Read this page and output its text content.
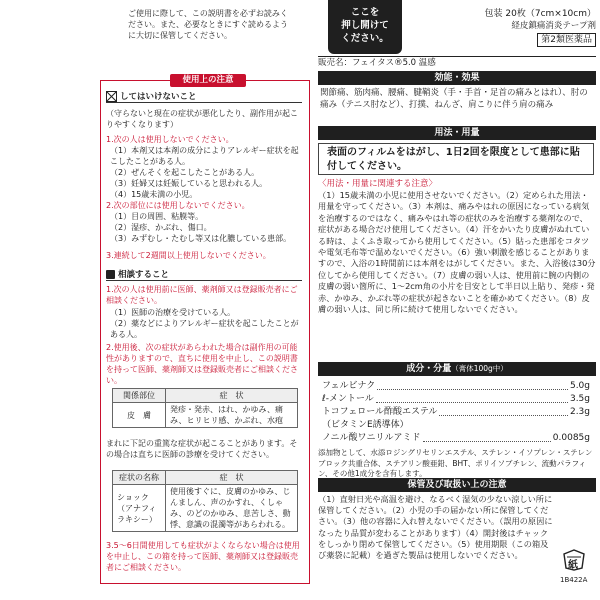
ご使用に際して、この説明書を必ずお読みください。また、必要なときにすぐ読めるように大切に保管してください。
ここを
押し開けて
ください。
包装 20枚（7cm×10cm）
経皮鎮痛消炎テープ剤
第2類医薬品
販売名：フェイタス®5.0 温感
使用上の注意
してはいけないこと
（守らないと現在の症状が悪化したり、副作用が起こりやすくなります）
1.次の人は使用しないでください。
（1）本剤又は本剤の成分によりアレルギー症状を起こしたことがある人。
（2）ぜんそくを起こしたことがある人。
（3）妊婦又は妊娠していると思われる人。
（4）15歳未満の小児。
2.次の部位には使用しないでください。
（1）目の周囲、粘膜等。
（2）湿疹、かぶれ、傷口。
（3）みずむし・たむし等又は化膿している患部。
3.連続して2週間以上使用しないでください。
相談すること
1.次の人は使用前に医師、薬剤師又は登録販売者にご相談ください。
（1）医師の治療を受けている人。
（2）薬などによりアレルギー症状を起こしたことがある人。
2.使用後、次の症状があらわれた場合は副作用の可能性がありますので、直ちに使用を中止し、この説明書を持って医師、薬剤師又は登録販売者にご相談ください。
関係部位	症　状
皮　膚	発疹・発赤、はれ、かゆみ、痛み、ヒリヒリ感、かぶれ、水疱
まれに下記の重篤な症状が起こることがあります。その場合は直ちに医師の診療を受けてください。
症状の名称	症　状
ショック（アナフィラキシー）	使用後すぐに、皮膚のかゆみ、じんましん、声のかすれ、くしゃみ、のどのかゆみ、息苦しさ、動悸、意識の混濁等があらわれる。
3.5〜6日間使用しても症状がよくならない場合は使用を中止し、この箱を持って医師、薬剤師又は登録販売者にご相談ください。
効能・効果
関節痛、筋肉痛、腰痛、腱鞘炎（手・手首・足首の痛みとはれ）、肘の痛み（テニス肘など）、打撲、ねんざ、肩こりに伴う肩の痛み
用法・用量
表面のフィルムをはがし、1日2回を限度として患部に貼付してください。
〈用法・用量に関連する注意〉
（1）15歳未満の小児に使用させないでください。（2）定められた用法・用量を守ってください。（3）本剤は、痛みやはれの原因になっている病気を治療するのではなく、痛みやはれ等の症状のみを治療する薬剤なので、症状がある場合だけ使用してください。（4）汗をかいたり皮膚がぬれている時は、よくふき取ってから使用してください。（5）貼った患部をコタツや電気毛布等で温めないでください。（6）強い刺激を感じることがありますので、入浴の1時間前には本剤をはがしてください。また、入浴後は30分位してから使用してください。（7）皮膚の弱い人は、使用前に腕の内側の皮膚の弱い箇所に、1〜2cm角の小片を目安として半日以上貼り、発疹・発赤、かゆみ、かぶれ等の症状が起きないことを確かめてください。（8）皮膚の弱い人は、同じ所に続けて使用しないでください。
成分・分量（膏体100g中）
フェルビナク	5.0g
ℓ-メントール	3.5g
トコフェロール酢酸エステル	2.3g
（ビタミンE誘導体）
ノニル酸ワニリルアミド	0.0085g
添加物として、水添ロジングリセリンエステル、ステレン・イソプレン・ステレンブロック共重合体、ステアリン酸亜鉛、BHT、ポリイソブチレン、流動パラフィン、その他1成分を含有します。
保管及び取扱い上の注意
（1）直射日光や高温を避け、なるべく湿気の少ない涼しい所に保管してください。（2）小児の手の届かない所に保管してください。（3）他の容器に入れ替えないでください。（誤用の原因になったり品質が変わることがあります）（4）開封後はチャックをしっかり閉めて保管してください。（5）使用期限（この箱及び薬袋に記載）を過ぎた製品は使用しないでください。
紙
1B422A
